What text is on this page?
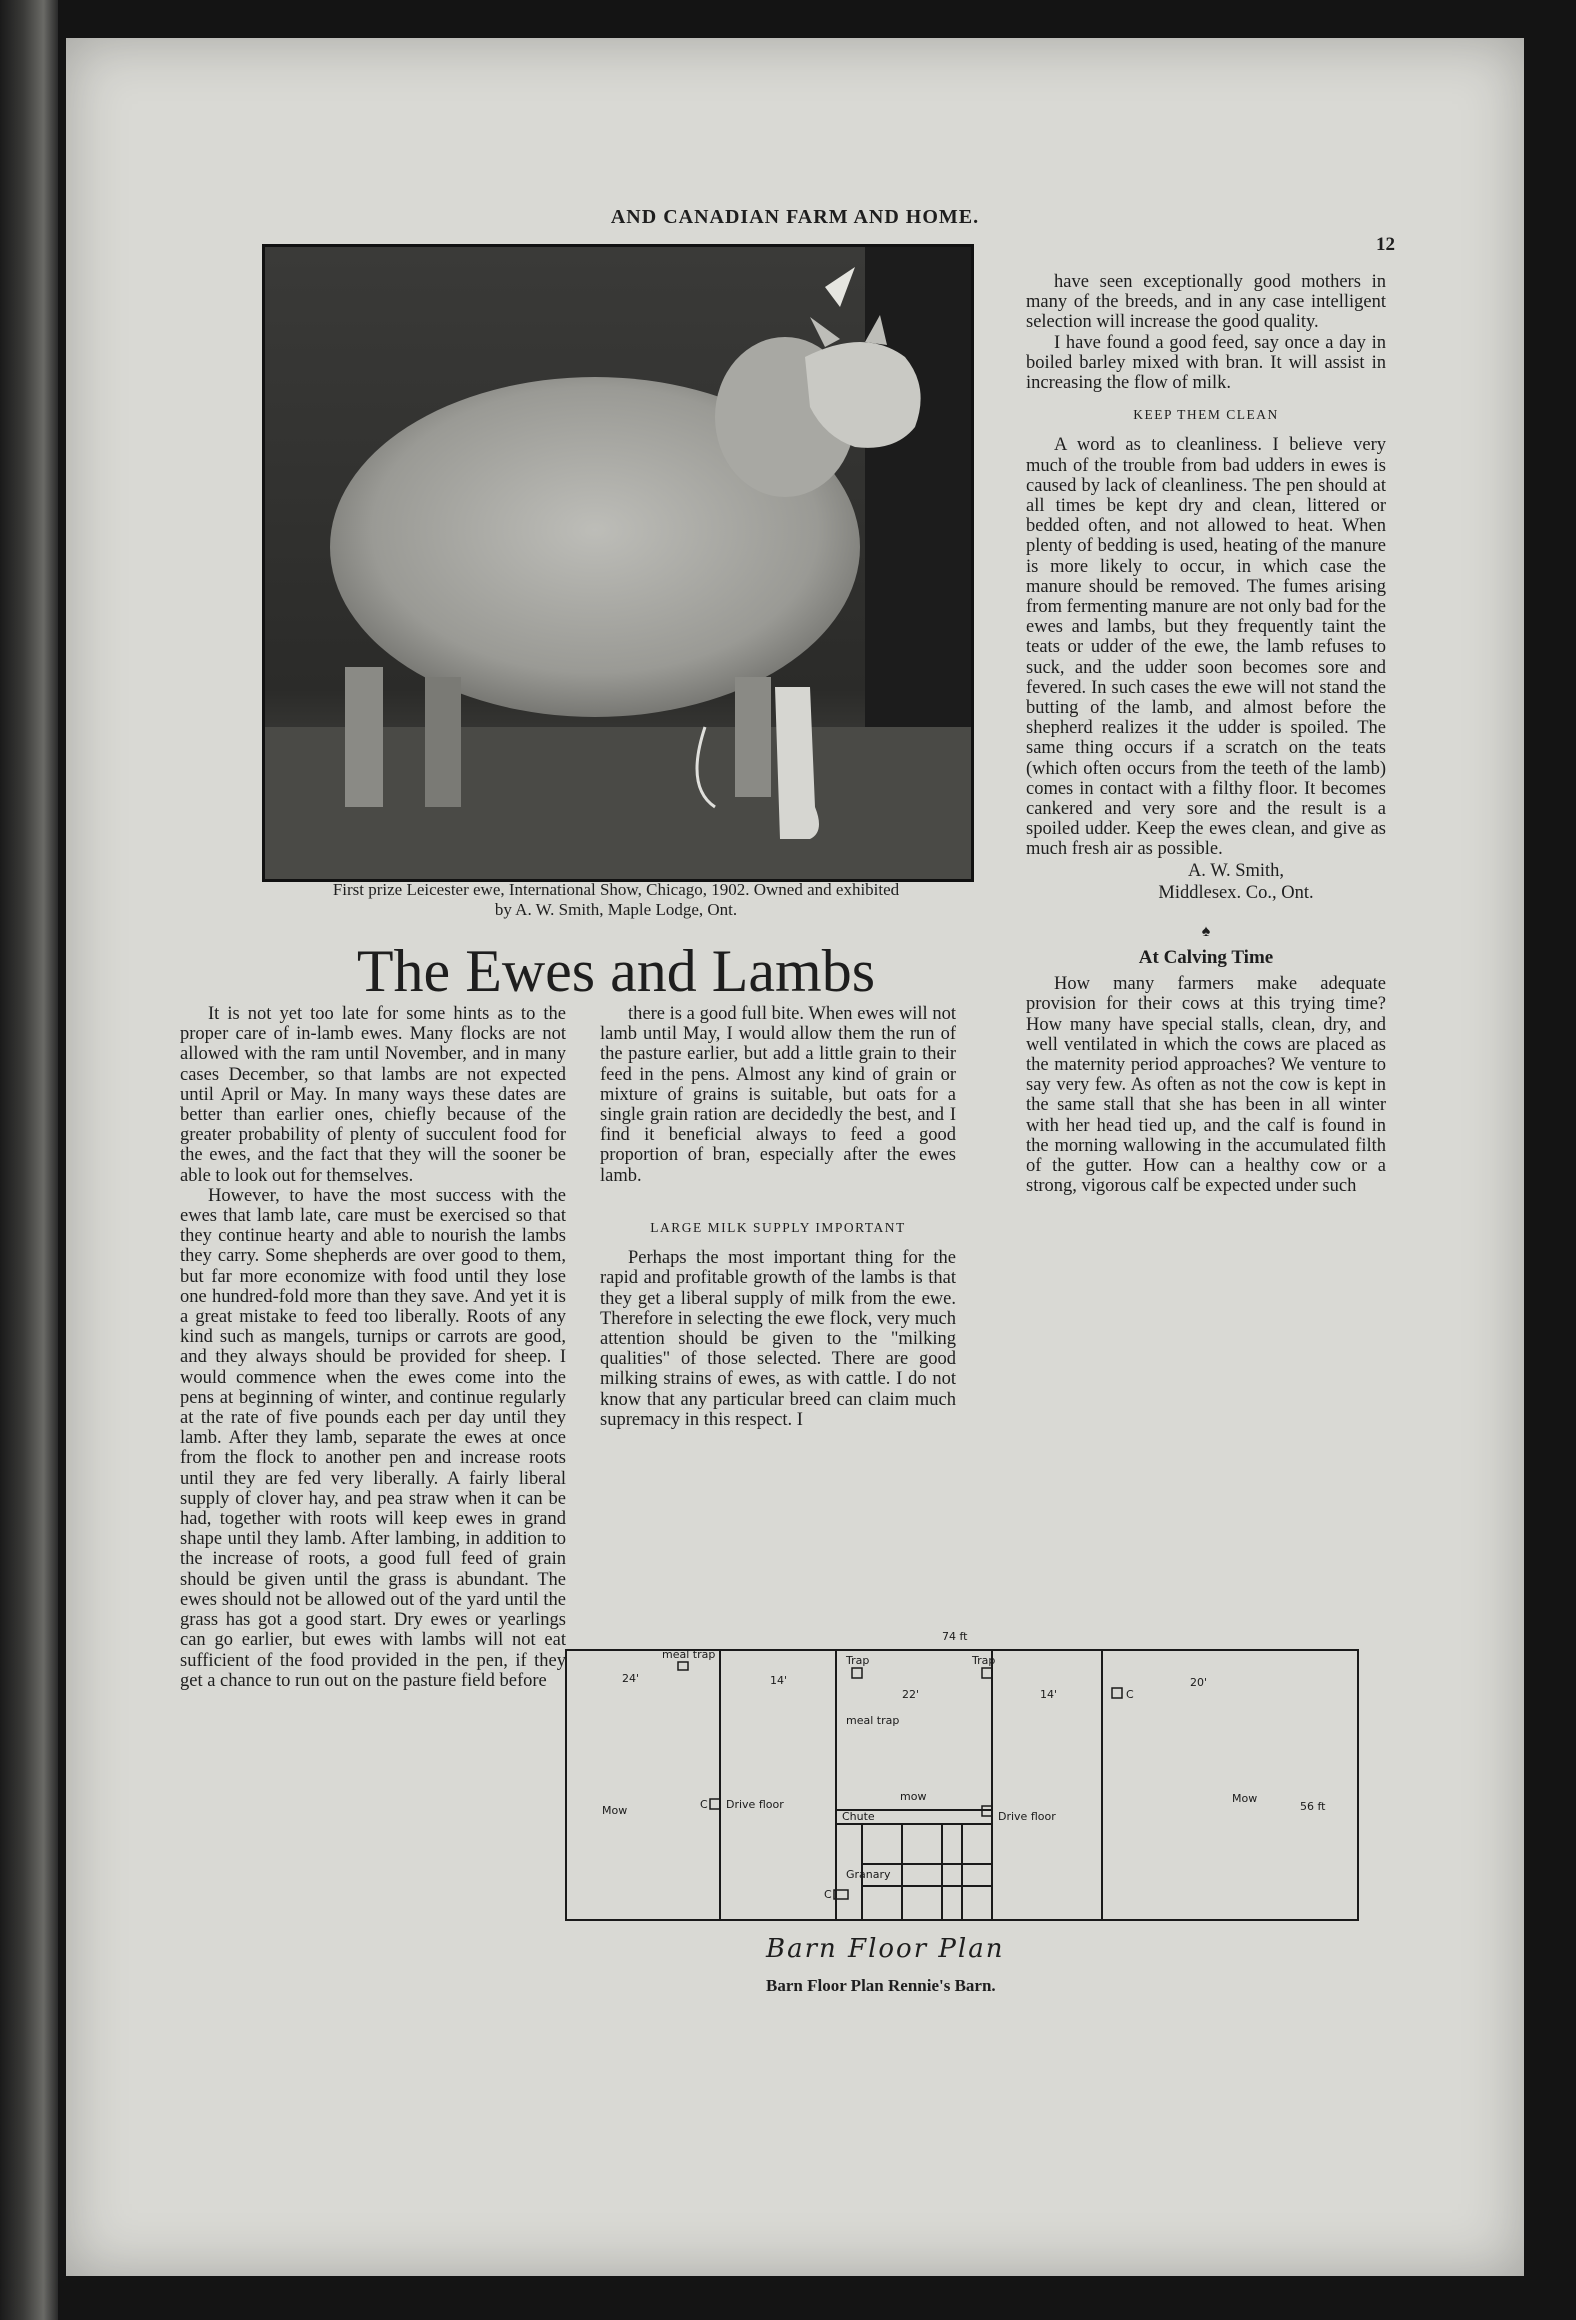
AND CANADIAN FARM AND HOME.
12
First prize Leicester ewe, International Show, Chicago, 1902. Owned and exhibited
by A. W. Smith, Maple Lodge, Ont.
The Ewes and Lambs

It is not yet too late for some hints as to the proper care of in-lamb ewes. Many flocks are not allowed with the ram until November, and in many cases December, so that lambs are not expected until April or May. In many ways these dates are better than earlier ones, chiefly because of the greater probability of plenty of succulent food for the ewes, and the fact that they will the sooner be able to look out for themselves.

However, to have the most success with the ewes that lamb late, care must be exercised so that they continue hearty and able to nourish the lambs they carry. Some shepherds are over good to them, but far more economize with food until they lose one hundred-fold more than they save. And yet it is a great mistake to feed too liberally. Roots of any kind such as mangels, turnips or carrots are good, and they always should be provided for sheep. I would commence when the ewes come into the pens at beginning of winter, and continue regularly at the rate of five pounds each per day until they lamb. After they lamb, separate the ewes at once from the flock to another pen and increase roots until they are fed very liberally. A fairly liberal supply of clover hay, and pea straw when it can be had, together with roots will keep ewes in grand shape until they lamb. After lambing, in addition to the increase of roots, a good full feed of grain should be given until the grass is abundant. The ewes should not be allowed out of the yard until the grass has got a good start. Dry ewes or yearlings can go earlier, but ewes with lambs will not eat sufficient of the food provided in the pen, if they get a chance to run out on the pasture field before

there is a good full bite. When ewes will not lamb until May, I would allow them the run of the pasture earlier, but add a little grain to their feed in the pens. Almost any kind of grain or mixture of grains is suitable, but oats for a single grain ration are decidedly the best, and I find it beneficial always to feed a good proportion of bran, especially after the ewes lamb.

LARGE MILK SUPPLY IMPORTANT

Perhaps the most important thing for the rapid and profitable growth of the lambs is that they get a liberal supply of milk from the ewe. Therefore in selecting the ewe flock, very much attention should be given to the "milking qualities" of those selected. There are good milking strains of ewes, as with cattle. I do not know that any particular breed can claim much supremacy in this respect. I

have seen exceptionally good mothers in many of the breeds, and in any case intelligent selection will increase the good quality.

I have found a good feed, say once a day in boiled barley mixed with bran. It will assist in increasing the flow of milk.

KEEP THEM CLEAN

A word as to cleanliness. I believe very much of the trouble from bad udders in ewes is caused by lack of cleanliness. The pen should at all times be kept dry and clean, littered or bedded often, and not allowed to heat. When plenty of bedding is used, heating of the manure is more likely to occur, in which case the manure should be removed. The fumes arising from fermenting manure are not only bad for the ewes and lambs, but they frequently taint the teats or udder of the ewe, the lamb refuses to suck, and the udder soon becomes sore and fevered. In such cases the ewe will not stand the butting of the lamb, and almost before the shepherd realizes it the udder is spoiled. The same thing occurs if a scratch on the teats (which often occurs from the teeth of the lamb) comes in contact with a filthy floor. It becomes cankered and very sore and the result is a spoiled udder. Keep the ewes clean, and give as much fresh air as possible.

A. W. Smith,

Middlesex. Co., Ont.

♠

At Calving Time

How many farmers make adequate provision for their cows at this trying time? How many have special stalls, clean, dry, and well ventilated in which the cows are placed as the maternity period approaches? We venture to say very few. As often as not the cow is kept in the same stall that she has been in all winter with her head tied up, and the calf is found in the morning wallowing in the accumulated filth of the gutter. How can a healthy cow or a strong, vigorous calf be expected under such

74 ft
24'	14'
22'	14'
20'
meal trap
meal trap
Trap	Trap
C
C
C
Mow
mow	Mow
56 ft
Drive floor
Drive floor
Chute
Granary
Barn Floor Plan
Barn Floor Plan Rennie's Barn.
